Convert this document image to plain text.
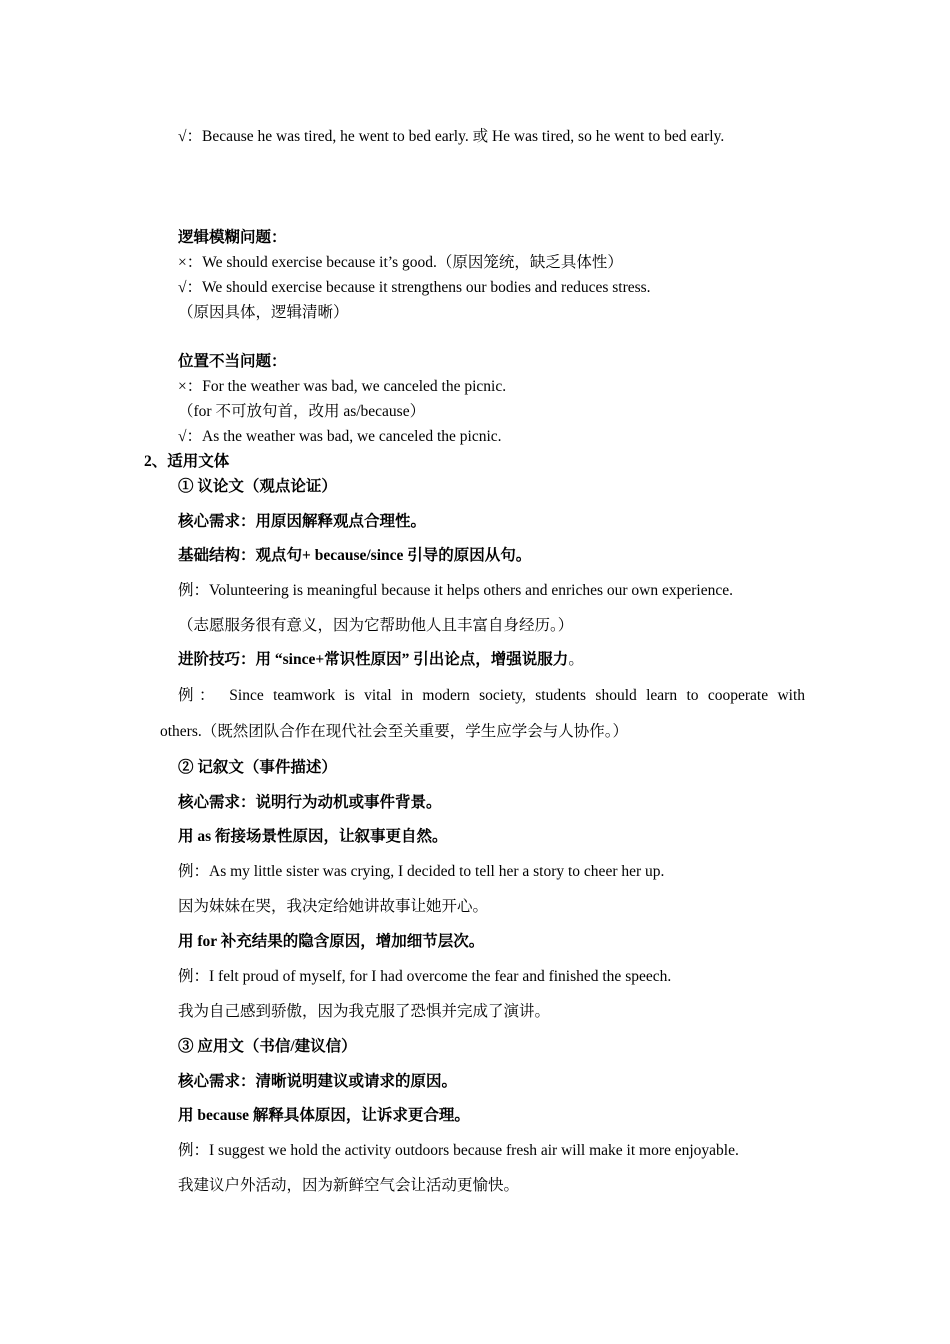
√：Because he was tired, he went to bed early. 或 He was tired, so he went to bed early.
逻辑模糊问题：
×：We should exercise because it’s good.（原因笼统，缺乏具体性）
√：We should exercise because it strengthens our bodies and reduces stress.
（原因具体，逻辑清晰）
位置不当问题：
×：For the weather was bad, we canceled the picnic.
（for 不可放句首，改用 as/because）
√：As the weather was bad, we canceled the picnic.
2、适用文体
① 议论文（观点论证）
核心需求：用原因解释观点合理性。
基础结构：观点句+ because/since 引导的原因从句。
例：Volunteering is meaningful because it helps others and enriches our own experience.
（志愿服务很有意义，因为它帮助他人且丰富自身经历。）
进阶技巧：用 “since+常识性原因” 引出论点，增强说服力。
例： Since teamwork is vital in modern society, students should learn to cooperate with
others.（既然团队合作在现代社会至关重要，学生应学会与人协作。）
② 记叙文（事件描述）
核心需求：说明行为动机或事件背景。
用 as 衔接场景性原因，让叙事更自然。
例：As my little sister was crying, I decided to tell her a story to cheer her up.
因为妹妹在哭，我决定给她讲故事让她开心。
用 for 补充结果的隐含原因，增加细节层次。
例：I felt proud of myself, for I had overcome the fear and finished the speech.
我为自己感到骄傲，因为我克服了恐惧并完成了演讲。
③ 应用文（书信/建议信）
核心需求：清晰说明建议或请求的原因。
用 because 解释具体原因，让诉求更合理。
例：I suggest we hold the activity outdoors because fresh air will make it more enjoyable.
我建议户外活动，因为新鲜空气会让活动更愉快。
